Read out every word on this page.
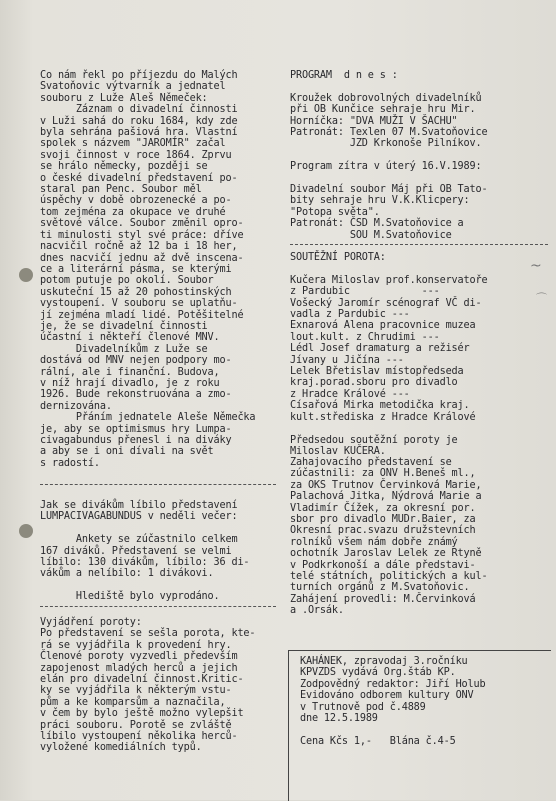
~
⌒
Co nám řekl po příjezdu do Malých
Svatoňovic výtvarník a jednatel
souboru z Luže Aleš Němeček:
Záznam o divadelní činnosti
v Luži sahá do roku 1684, kdy zde
byla sehrána pašiová hra. Vlastní
spolek s názvem "JAROMÍR" začal
svoji činnost v roce 1864. Zprvu
se hrálo německy, později se
o české divadelní představení po-
staral pan Penc. Soubor měl
úspěchy v době obrozenecké a po-
tom zejména za okupace ve druhé
světové válce. Soubor změnil opro-
ti minulosti styl své práce: dříve
nacvičil ročně až 12 ba i 18 her,
dnes nacvičí jednu až dvě inscena-
ce a literární pásma, se kterými
potom putuje po okolí. Soubor
uskuteční 15 až 20 pohostinských
vystoupení. V souboru se uplatňu-
jí zejména mladí lidé. Potěšitelné
je, že se divadelní činnosti
účastní i někteří členové MNV.
Divadelníkům z Luže se
dostává od MNV nejen podpory mo-
rální, ale i finanční. Budova,
v níž hrají divadlo, je z roku
1926. Bude rekonstruována a zmo-
dernizována.
Přáním jednatele Aleše Němečka
je, aby se optimismus hry Lumpa-
civagabundus přenesl i na diváky
a aby se i oni dívali na svět
s radostí.
Jak se divákům líbilo představení
LUMPACIVAGABUNDUS v neděli večer:

Ankety se zúčastnilo celkem
167 diváků. Představení se velmi
líbilo: 130 divákům, líbilo: 36 di-
vákům a nelíbilo: 1 divákovi.

Hlediště bylo vyprodáno.
Vyjádření poroty:
Po představení se sešla porota, kte-
rá se vyjádřila k provedení hry.
Členové poroty vyzvedli především
zapojenost mladých herců a jejich
elán pro divadelní činnost.Kritic-
ky se vyjádřila k některým vstu-
pům a ke komparsům a naznačila,
v čem by bylo ještě možno vylepšit
práci souboru. Porotě se zvláště
líbilo vystoupení několika herců-
vyložené komediálních typů.
PROGRAM  d n e s :

Kroužek dobrovolných divadelníků
při OB Kunčice sehraje hru Mir.
Horníčka: "DVA MUŽI V ŠACHU"
Patronát: Texlen 07 M.Svatoňovice
JZD Krkonoše Pilníkov.

Program zítra v úterý 16.V.1989:

Divadelní soubor Máj při OB Tato-
bity sehraje hru V.K.Klicpery:
"Potopa světa".
Patronát: ČSD M.Svatoňovice a
SOU M.Svatoňovice
SOUTĚŽNÍ POROTA:

Kučera Miloslav prof.konservatoře
z Pardubic            ---
Vošecký Jaromír scénograf VČ di-
vadla z Pardubic ---
Exnarová Alena pracovnice muzea
lout.kult. z Chrudimi ---
Lédl Josef dramaturg a režisér
Jívany u Jičína ---
Lelek Břetislav místopředseda
kraj.porad.sboru pro divadlo
z Hradce Králové ---
Císařová Mirka metodička kraj.
kult.střediska z Hradce Králové

Předsedou soutěžní poroty je
Miloslav KUČERA.
Zahajovacího představení se
zúčastnili: za ONV H.Beneš ml.,
za OKS Trutnov Červinková Marie,
Palachová Jitka, Nýdrová Marie a
Vladimír Čížek, za okresní por.
sbor pro divadlo MUDr.Baier, za
Okresní prac.svazu družstevních
rolníků všem nám dobře známý
ochotník Jaroslav Lelek ze Rtyně
v Podkrkonoší a dále představi-
telé státních, politických a kul-
turních orgánů z M.Svatoňovic.
Zahájení provedli: M.Červinková
a .Orsák.
KAHÁNEK, zpravodaj 3.ročníku
KPVZDS vydává Org.štáb KP.
Zodpovědný redaktor: Jiří Holub
Evidováno odborem kultury ONV
v Trutnově pod č.4889
dne 12.5.1989

Cena Kčs 1,-   Blána č.4-5
